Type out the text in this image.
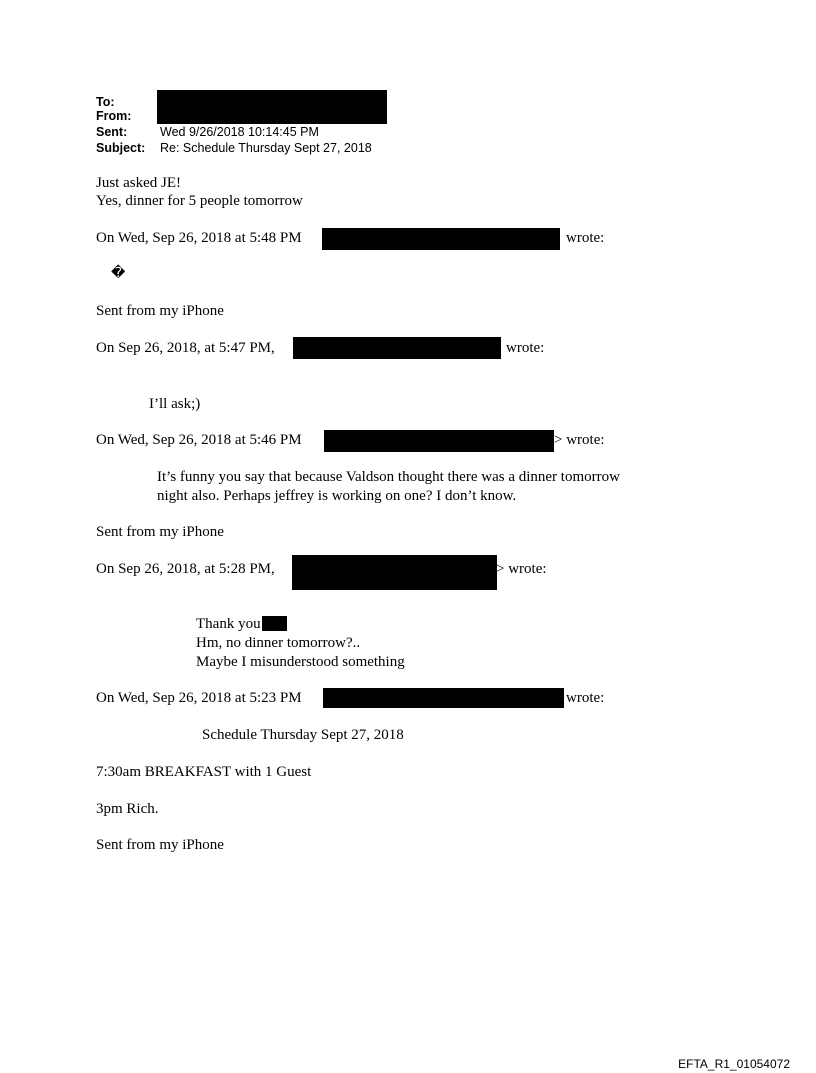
To:
From:
Sent:	Wed 9/26/2018 10:14:45 PM
Subject: Re: Schedule Thursday Sept 27, 2018
Just asked JE!
Yes, dinner for 5 people tomorrow
On Wed, Sep 26, 2018 at 5:48 PM	wrote:
�
Sent from my iPhone
On Sep 26, 2018, at 5:47 PM,	wrote:
I’ll ask;)
On Wed, Sep 26, 2018 at 5:46 PM	> wrote:
It’s funny you say that because Valdson thought there was a dinner tomorrow
night also. Perhaps jeffrey is working on one? I don’t know.
Sent from my iPhone
On Sep 26, 2018, at 5:28 PM,	> wrote:
Thank you
Hm, no dinner tomorrow?..
Maybe I misunderstood something
On Wed, Sep 26, 2018 at 5:23 PM	wrote:
Schedule Thursday Sept 27, 2018
7:30am BREAKFAST with 1 Guest
3pm Rich.
Sent from my iPhone
EFTA_R1_01054072
